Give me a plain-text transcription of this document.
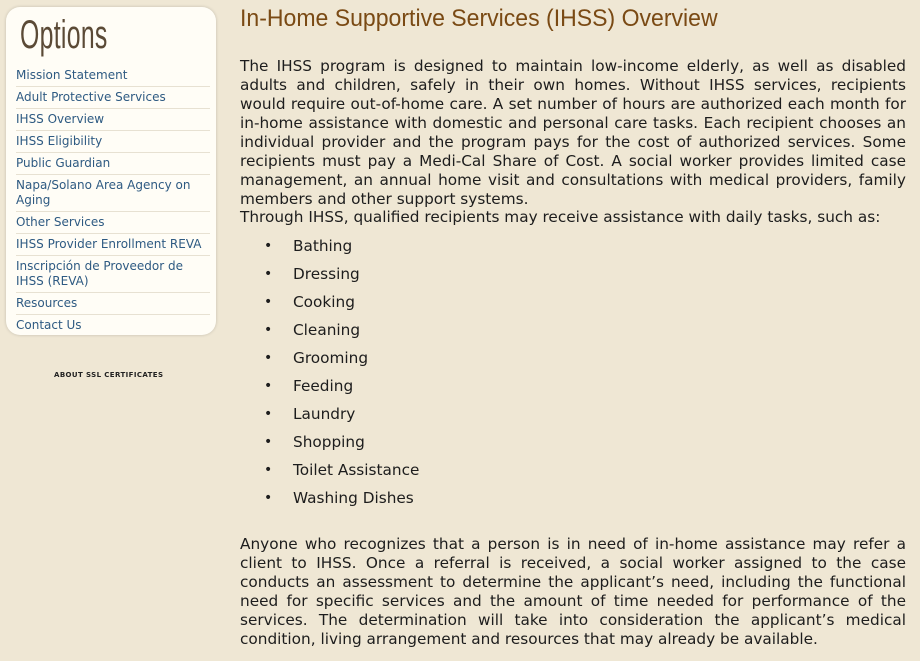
Options
Mission Statement
Adult Protective Services
IHSS Overview
IHSS Eligibility
Public Guardian
Napa/Solano Area Agency on Aging
Other Services
IHSS Provider Enrollment REVA
Inscripción de Proveedor de IHSS (REVA)
Resources
Contact Us
ABOUT SSL CERTIFICATES
In-Home Supportive Services (IHSS) Overview

The IHSS program is designed to maintain low-income elderly, as well as disabled adults and children, safely in their own homes. Without IHSS services, recipients would require out-of-home care. A set number of hours are authorized each month for in-home assistance with domestic and personal care tasks. Each recipient chooses an individual provider and the program pays for the cost of authorized services. Some recipients must pay a Medi-Cal Share of Cost. A social worker provides limited case management, an annual home visit and consultations with medical providers, family members and other support systems.

Through IHSS, qualified recipients may receive assistance with daily tasks, such as:

• Bathing
• Dressing
• Cooking
• Cleaning
• Grooming
• Feeding
• Laundry
• Shopping
• Toilet Assistance
• Washing Dishes

Anyone who recognizes that a person is in need of in-home assistance may refer a client to IHSS. Once a referral is received, a social worker assigned to the case conducts an assessment to determine the applicant’s need, including the functional need for specific services and the amount of time needed for performance of the services. The determination will take into consideration the applicant’s medical condition, living arrangement and resources that may already be available.
